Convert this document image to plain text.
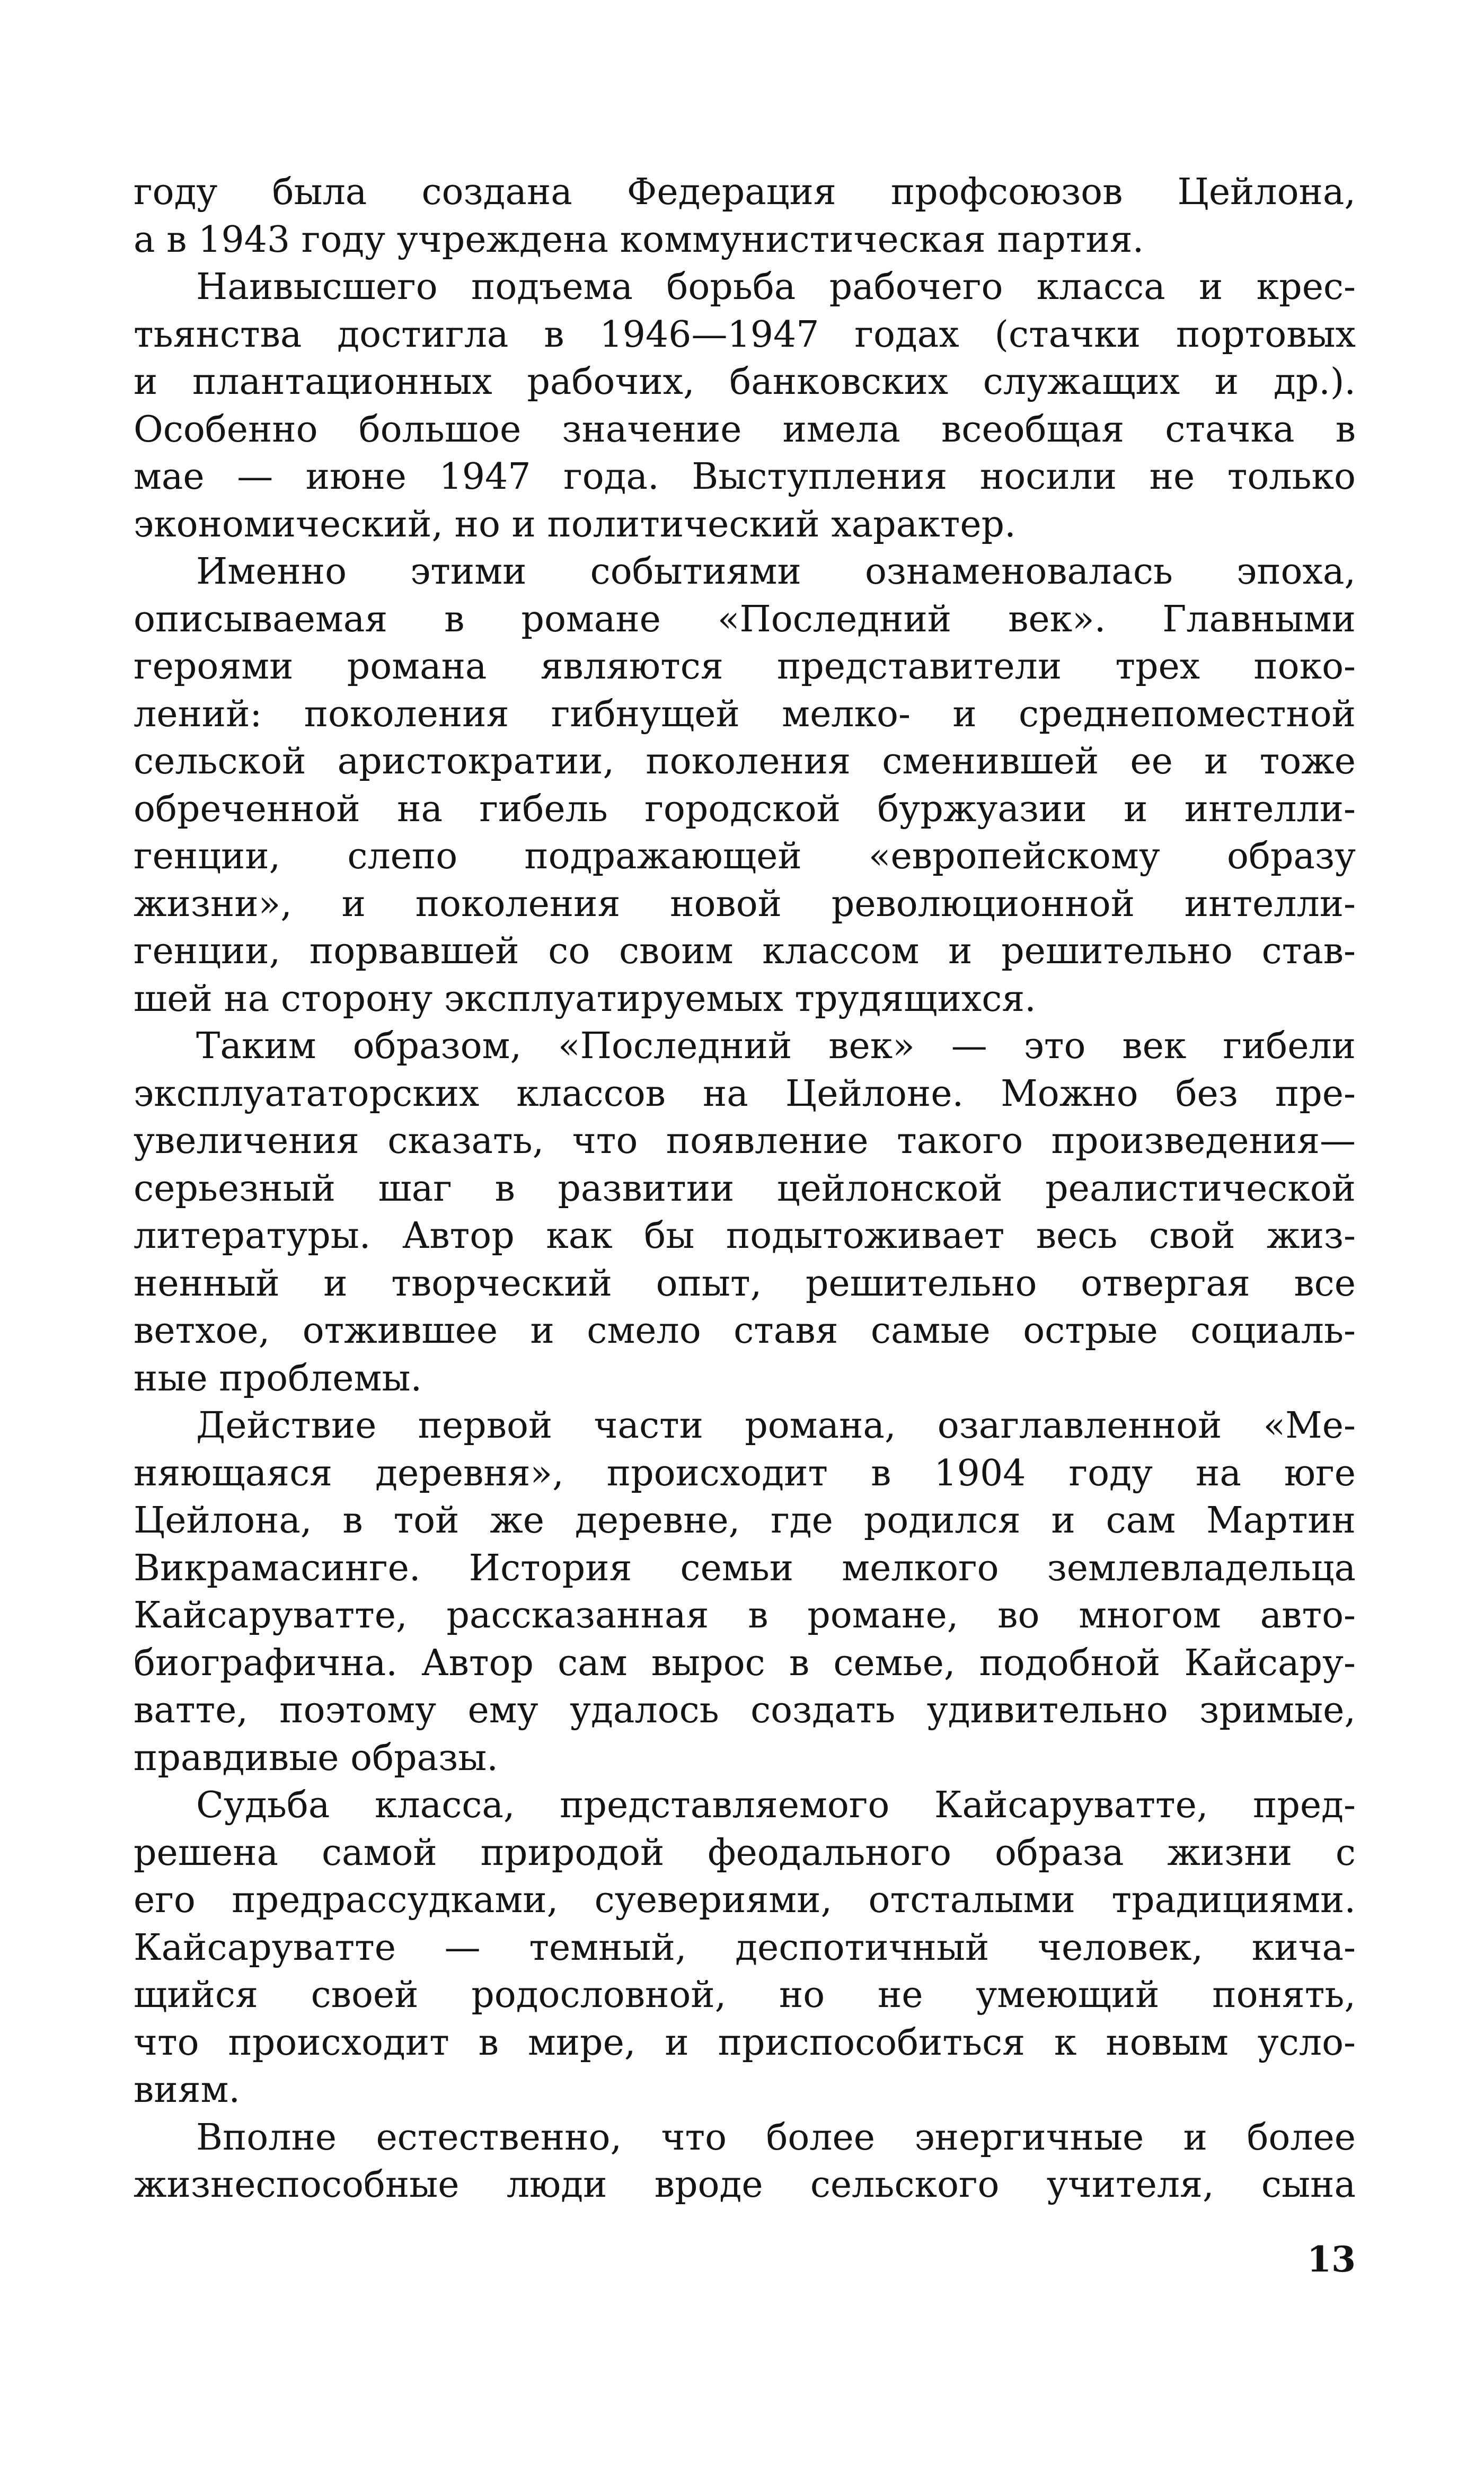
году была создана Федерация профсоюзов Цейлона,
а в 1943 году учреждена коммунистическая партия.
Наивысшего подъема борьба рабочего класса и крес-
тьянства достигла в 1946—1947 годах (стачки портовых
и плантационных рабочих, банковских служащих и др.).
Особенно большое значение имела всеобщая стачка в
мае — июне 1947 года. Выступления носили не только
экономический, но и политический характер.
Именно этими событиями ознаменовалась эпоха,
описываемая в романе «Последний век». Главными
героями романа являются представители трех поко-
лений: поколения гибнущей мелко- и среднепоместной
сельской аристократии, поколения сменившей ее и тоже
обреченной на гибель городской буржуазии и интелли-
генции, слепо подражающей «европейскому образу
жизни», и поколения новой революционной интелли-
генции, порвавшей со своим классом и решительно став-
шей на сторону эксплуатируемых трудящихся.
Таким образом, «Последний век» — это век гибели
эксплуататорских классов на Цейлоне. Можно без пре-
увеличения сказать, что появление такого произведения—
серьезный шаг в развитии цейлонской реалистической
литературы. Автор как бы подытоживает весь свой жиз-
ненный и творческий опыт, решительно отвергая все
ветхое, отжившее и смело ставя самые острые социаль-
ные проблемы.
Действие первой части романа, озаглавленной «Ме-
няющаяся деревня», происходит в 1904 году на юге
Цейлона, в той же деревне, где родился и сам Мартин
Викрамасинге. История семьи мелкого землевладельца
Кайсаруватте, рассказанная в романе, во многом авто-
биографична. Автор сам вырос в семье, подобной Кайсару-
ватте, поэтому ему удалось создать удивительно зримые,
правдивые образы.
Судьба класса, представляемого Кайсаруватте, пред-
решена самой природой феодального образа жизни с
его предрассудками, суевериями, отсталыми традициями.
Кайсаруватте — темный, деспотичный человек, кича-
щийся своей родословной, но не умеющий понять,
что происходит в мире, и приспособиться к новым усло-
виям.
Вполне естественно, что более энергичные и более
жизнеспособные люди вроде сельского учителя, сына
13
